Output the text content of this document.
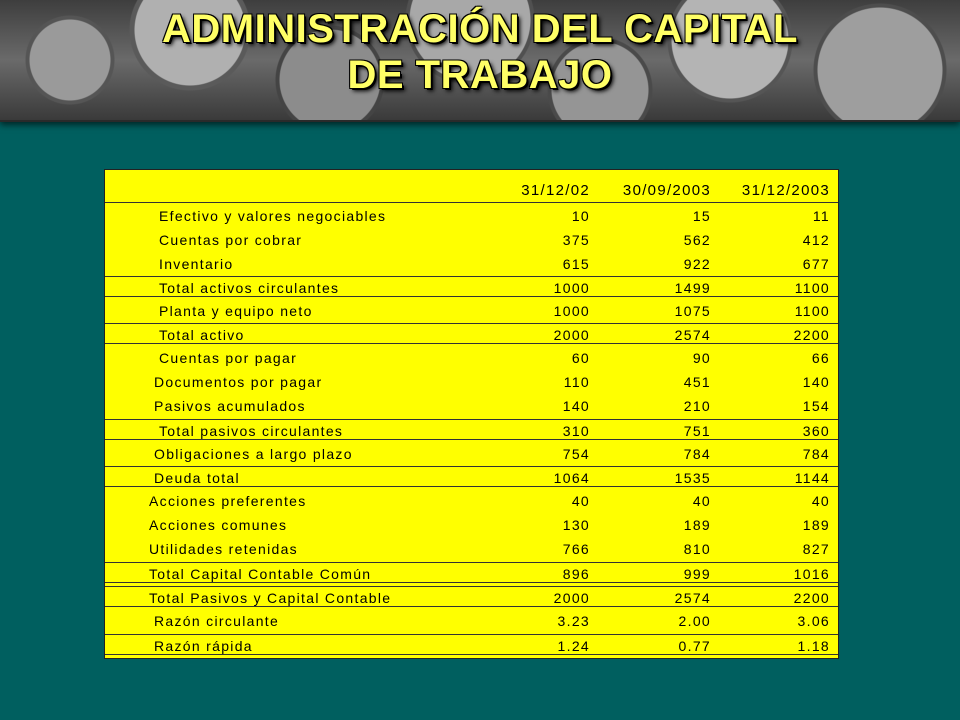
ADMINISTRACIÓN DEL CAPITAL
DE TRABAJO
31/12/02 30/09/2003 31/12/2003
Efectivo y valores negociables	10	15	11
Cuentas por cobrar	375	562	412
Inventario	615	922	677
Total activos circulantes	1000	1499	1100
Planta y equipo neto	1000	1075	1100
Total activo	2000	2574	2200
Cuentas por pagar	60	90	66
Documentos por pagar	110	451	140
Pasivos acumulados	140	210	154
Total pasivos circulantes	310	751	360
Obligaciones a largo plazo	754	784	784
Deuda total	1064	1535	1144
Acciones preferentes	40	40	40
Acciones comunes	130	189	189
Utilidades retenidas	766	810	827
Total Capital Contable Común	896	999	1016
Total Pasivos y Capital Contable	2000	2574	2200
Razón circulante	3.23	2.00	3.06
Razón rápida	1.24	0.77	1.18
